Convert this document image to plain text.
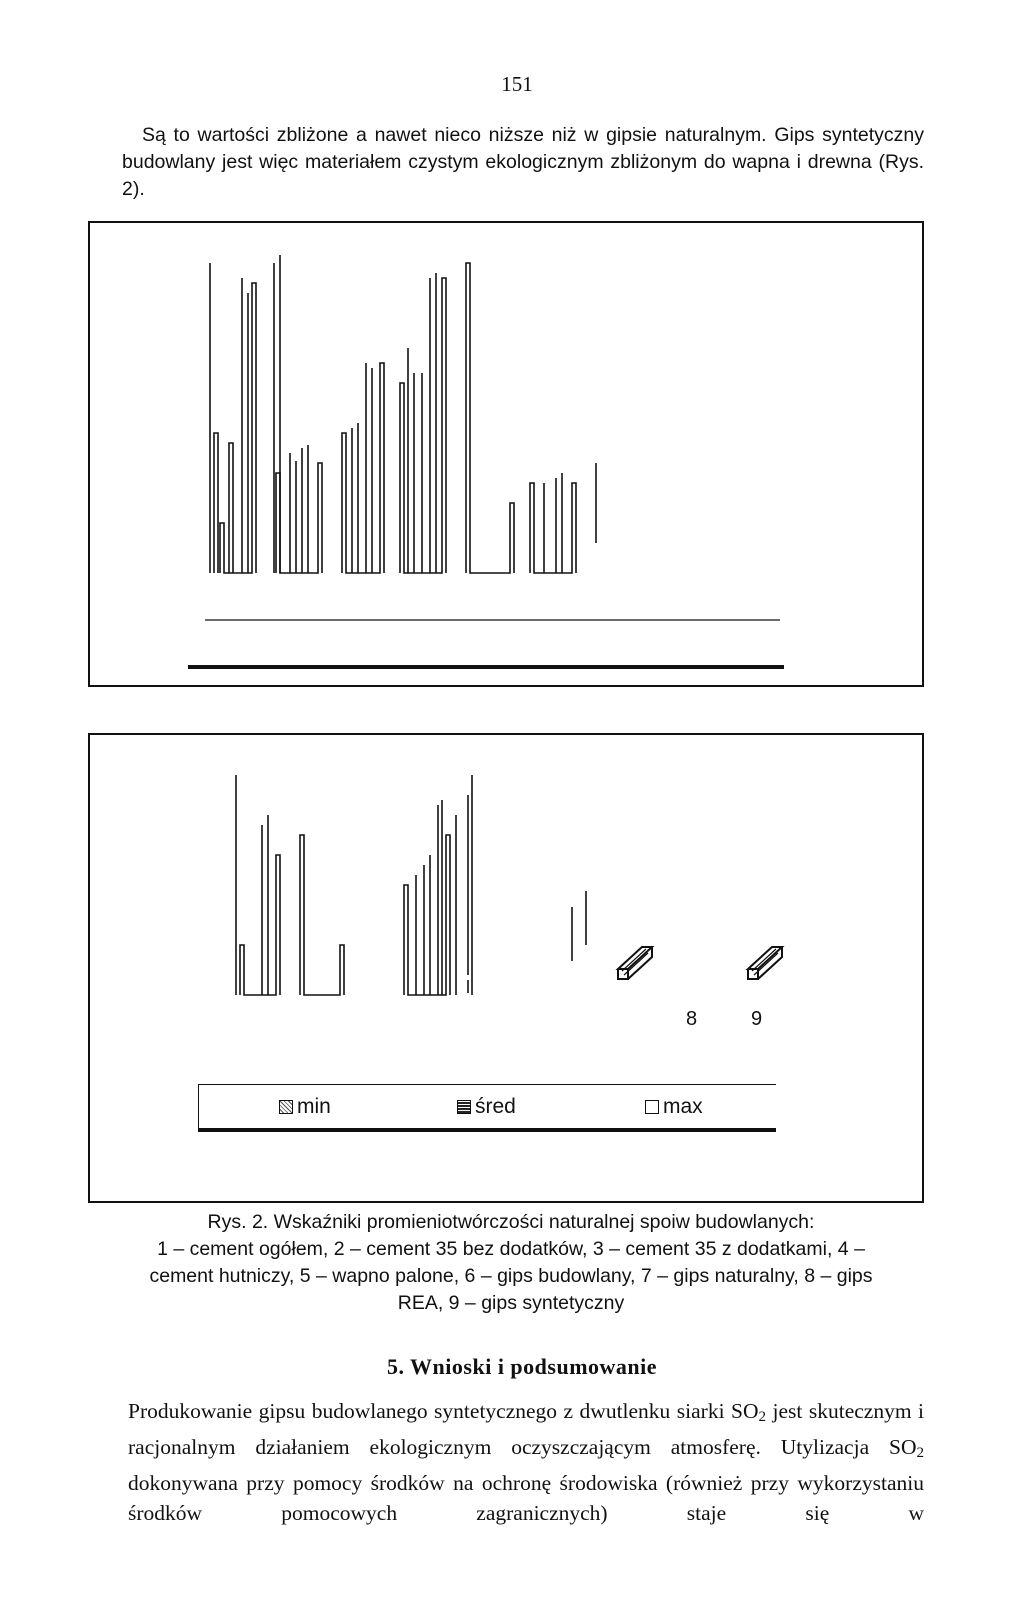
151

Są to wartości zbliżone a nawet nieco niższe niż w gipsie naturalnym. Gips syntetyczny budowlany jest więc materiałem czystym ekologicznym zbliżonym do wapna i drewna (Rys. 2).

8	9
min	śred	max
Rys. 2. Wskaźniki promieniotwórczości naturalnej spoiw budowlanych:
1 – cement ogółem, 2 – cement 35 bez dodatków, 3 – cement 35 z dodatkami, 4 –
cement hutniczy, 5 – wapno palone, 6 – gips budowlany, 7 – gips naturalny, 8 – gips
REA, 9 – gips syntetyczny
5. Wnioski i podsumowanie
Produkowanie gipsu budowlanego syntetycznego z dwutlenku siarki $SO_2$ jest skutecznym i racjonalnym działaniem ekologicznym oczyszczającym atmosferę. Utylizacja $SO_2$ dokonywana przy pomocy środków na ochronę środowiska (również przy wykorzystaniu środków pomocowych zagranicznych) staje się w
